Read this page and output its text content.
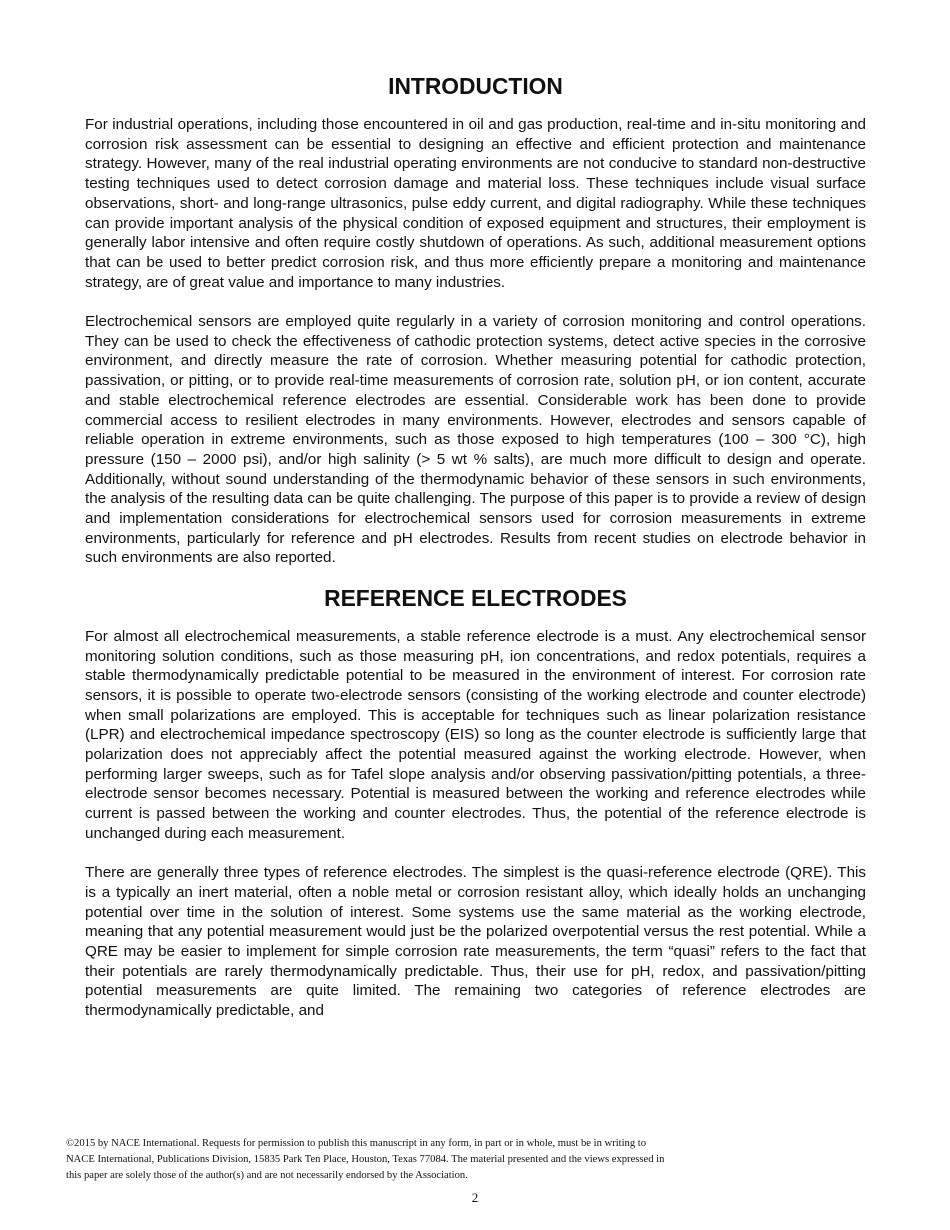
INTRODUCTION

For industrial operations, including those encountered in oil and gas production, real-time and in-situ monitoring and corrosion risk assessment can be essential to designing an effective and efficient protection and maintenance strategy. However, many of the real industrial operating environments are not conducive to standard non-destructive testing techniques used to detect corrosion damage and material loss. These techniques include visual surface observations, short- and long-range ultrasonics, pulse eddy current, and digital radiography. While these techniques can provide important analysis of the physical condition of exposed equipment and structures, their employment is generally labor intensive and often require costly shutdown of operations. As such, additional measurement options that can be used to better predict corrosion risk, and thus more efficiently prepare a monitoring and maintenance strategy, are of great value and importance to many industries.

Electrochemical sensors are employed quite regularly in a variety of corrosion monitoring and control operations. They can be used to check the effectiveness of cathodic protection systems, detect active species in the corrosive environment, and directly measure the rate of corrosion. Whether measuring potential for cathodic protection, passivation, or pitting, or to provide real-time measurements of corrosion rate, solution pH, or ion content, accurate and stable electrochemical reference electrodes are essential. Considerable work has been done to provide commercial access to resilient electrodes in many environments. However, electrodes and sensors capable of reliable operation in extreme environments, such as those exposed to high temperatures (100 – 300 °C), high pressure (150 – 2000 psi), and/or high salinity (> 5 wt % salts), are much more difficult to design and operate. Additionally, without sound understanding of the thermodynamic behavior of these sensors in such environments, the analysis of the resulting data can be quite challenging. The purpose of this paper is to provide a review of design and implementation considerations for electrochemical sensors used for corrosion measurements in extreme environments, particularly for reference and pH electrodes. Results from recent studies on electrode behavior in such environments are also reported.

REFERENCE ELECTRODES

For almost all electrochemical measurements, a stable reference electrode is a must. Any electrochemical sensor monitoring solution conditions, such as those measuring pH, ion concentrations, and redox potentials, requires a stable thermodynamically predictable potential to be measured in the environment of interest. For corrosion rate sensors, it is possible to operate two-electrode sensors (consisting of the working electrode and counter electrode) when small polarizations are employed. This is acceptable for techniques such as linear polarization resistance (LPR) and electrochemical impedance spectroscopy (EIS) so long as the counter electrode is sufficiently large that polarization does not appreciably affect the potential measured against the working electrode. However, when performing larger sweeps, such as for Tafel slope analysis and/or observing passivation/pitting potentials, a three-electrode sensor becomes necessary. Potential is measured between the working and reference electrodes while current is passed between the working and counter electrodes. Thus, the potential of the reference electrode is unchanged during each measurement.

There are generally three types of reference electrodes. The simplest is the quasi-reference electrode (QRE). This is a typically an inert material, often a noble metal or corrosion resistant alloy, which ideally holds an unchanging potential over time in the solution of interest. Some systems use the same material as the working electrode, meaning that any potential measurement would just be the polarized overpotential versus the rest potential. While a QRE may be easier to implement for simple corrosion rate measurements, the term “quasi” refers to the fact that their potentials are rarely thermodynamically predictable. Thus, their use for pH, redox, and passivation/pitting potential measurements are quite limited. The remaining two categories of reference electrodes are thermodynamically predictable, and

©2015 by NACE International. Requests for permission to publish this manuscript in any form, in part or in whole, must be in writing to
NACE International, Publications Division, 15835 Park Ten Place, Houston, Texas 77084. The material presented and the views expressed in
this paper are solely those of the author(s) and are not necessarily endorsed by the Association.
2
